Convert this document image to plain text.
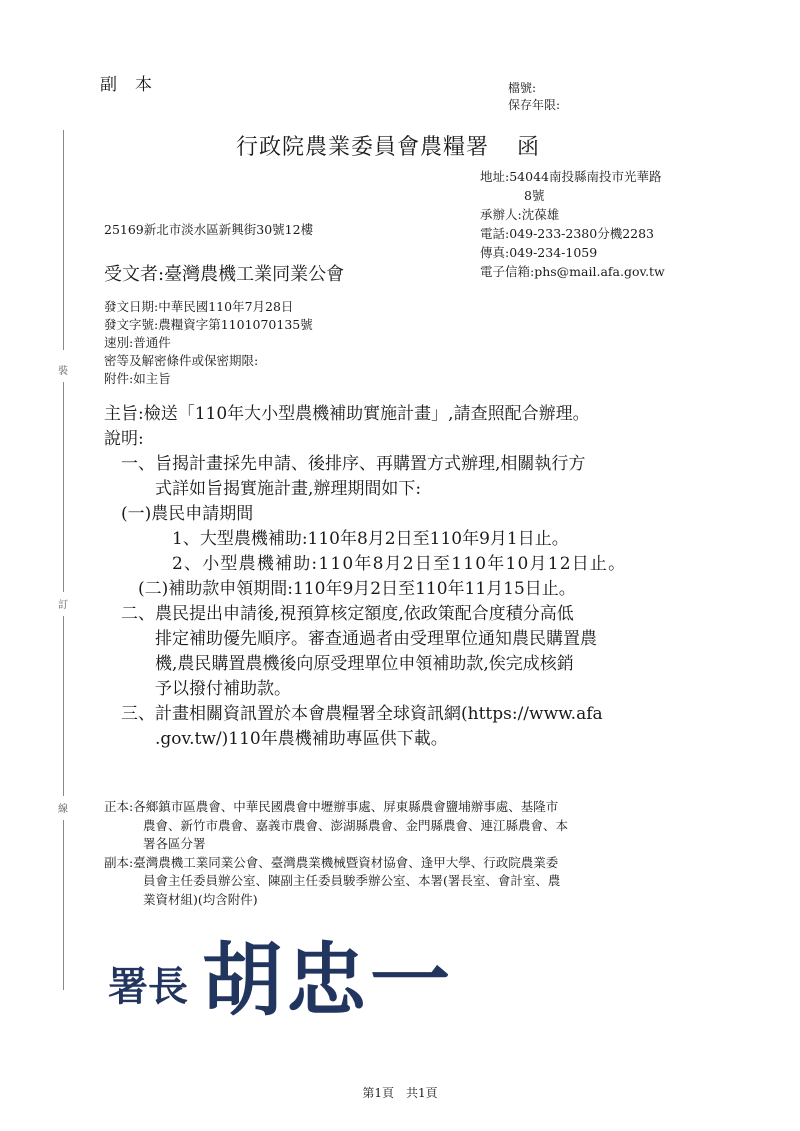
副本	檔號:
保存年限:
行政院農業委員會農糧署 函
地址:54044南投縣南投市光華路
8號
承辦人:沈葆雄
電話:049-233-2380分機2283
傳真:049-234-1059
電子信箱:phs@mail.afa.gov.tw
25169新北市淡水區新興街30號12樓
受文者:臺灣農機工業同業公會
發文日期:中華民國110年7月28日
發文字號:農糧資字第1101070135號
速別:普通件
密等及解密條件或保密期限:
附件:如主旨
主旨:檢送「110年大小型農機補助實施計畫」,請查照配合辦理。
說明:
一、旨揭計畫採先申請、後排序、再購置方式辦理,相關執行方
式詳如旨揭實施計畫,辦理期間如下:
(一)農民申請期間
1、大型農機補助:110年8月2日至110年9月1日止。
2、小型農機補助:110年8月2日至110年10月12日止。
(二)補助款申領期間:110年9月2日至110年11月15日止。
二、農民提出申請後,視預算核定額度,依政策配合度積分高低
排定補助優先順序。審查通過者由受理單位通知農民購置農
機,農民購置農機後向原受理單位申領補助款,俟完成核銷
予以撥付補助款。
三、計畫相關資訊置於本會農糧署全球資訊網(https://www.afa
.gov.tw/)110年農機補助專區供下載。
正本:各鄉鎮市區農會、中華民國農會中壢辦事處、屏東縣農會鹽埔辦事處、基隆市
農會、新竹市農會、嘉義市農會、澎湖縣農會、金門縣農會、連江縣農會、本
署各區分署
副本:臺灣農機工業同業公會、臺灣農業機械暨資材協會、逢甲大學、行政院農業委
員會主任委員辦公室、陳副主任委員駿季辦公室、本署(署長室、會計室、農
業資材組)(均含附件)
裝
訂
線
署長 胡忠一
第1頁 共1頁
